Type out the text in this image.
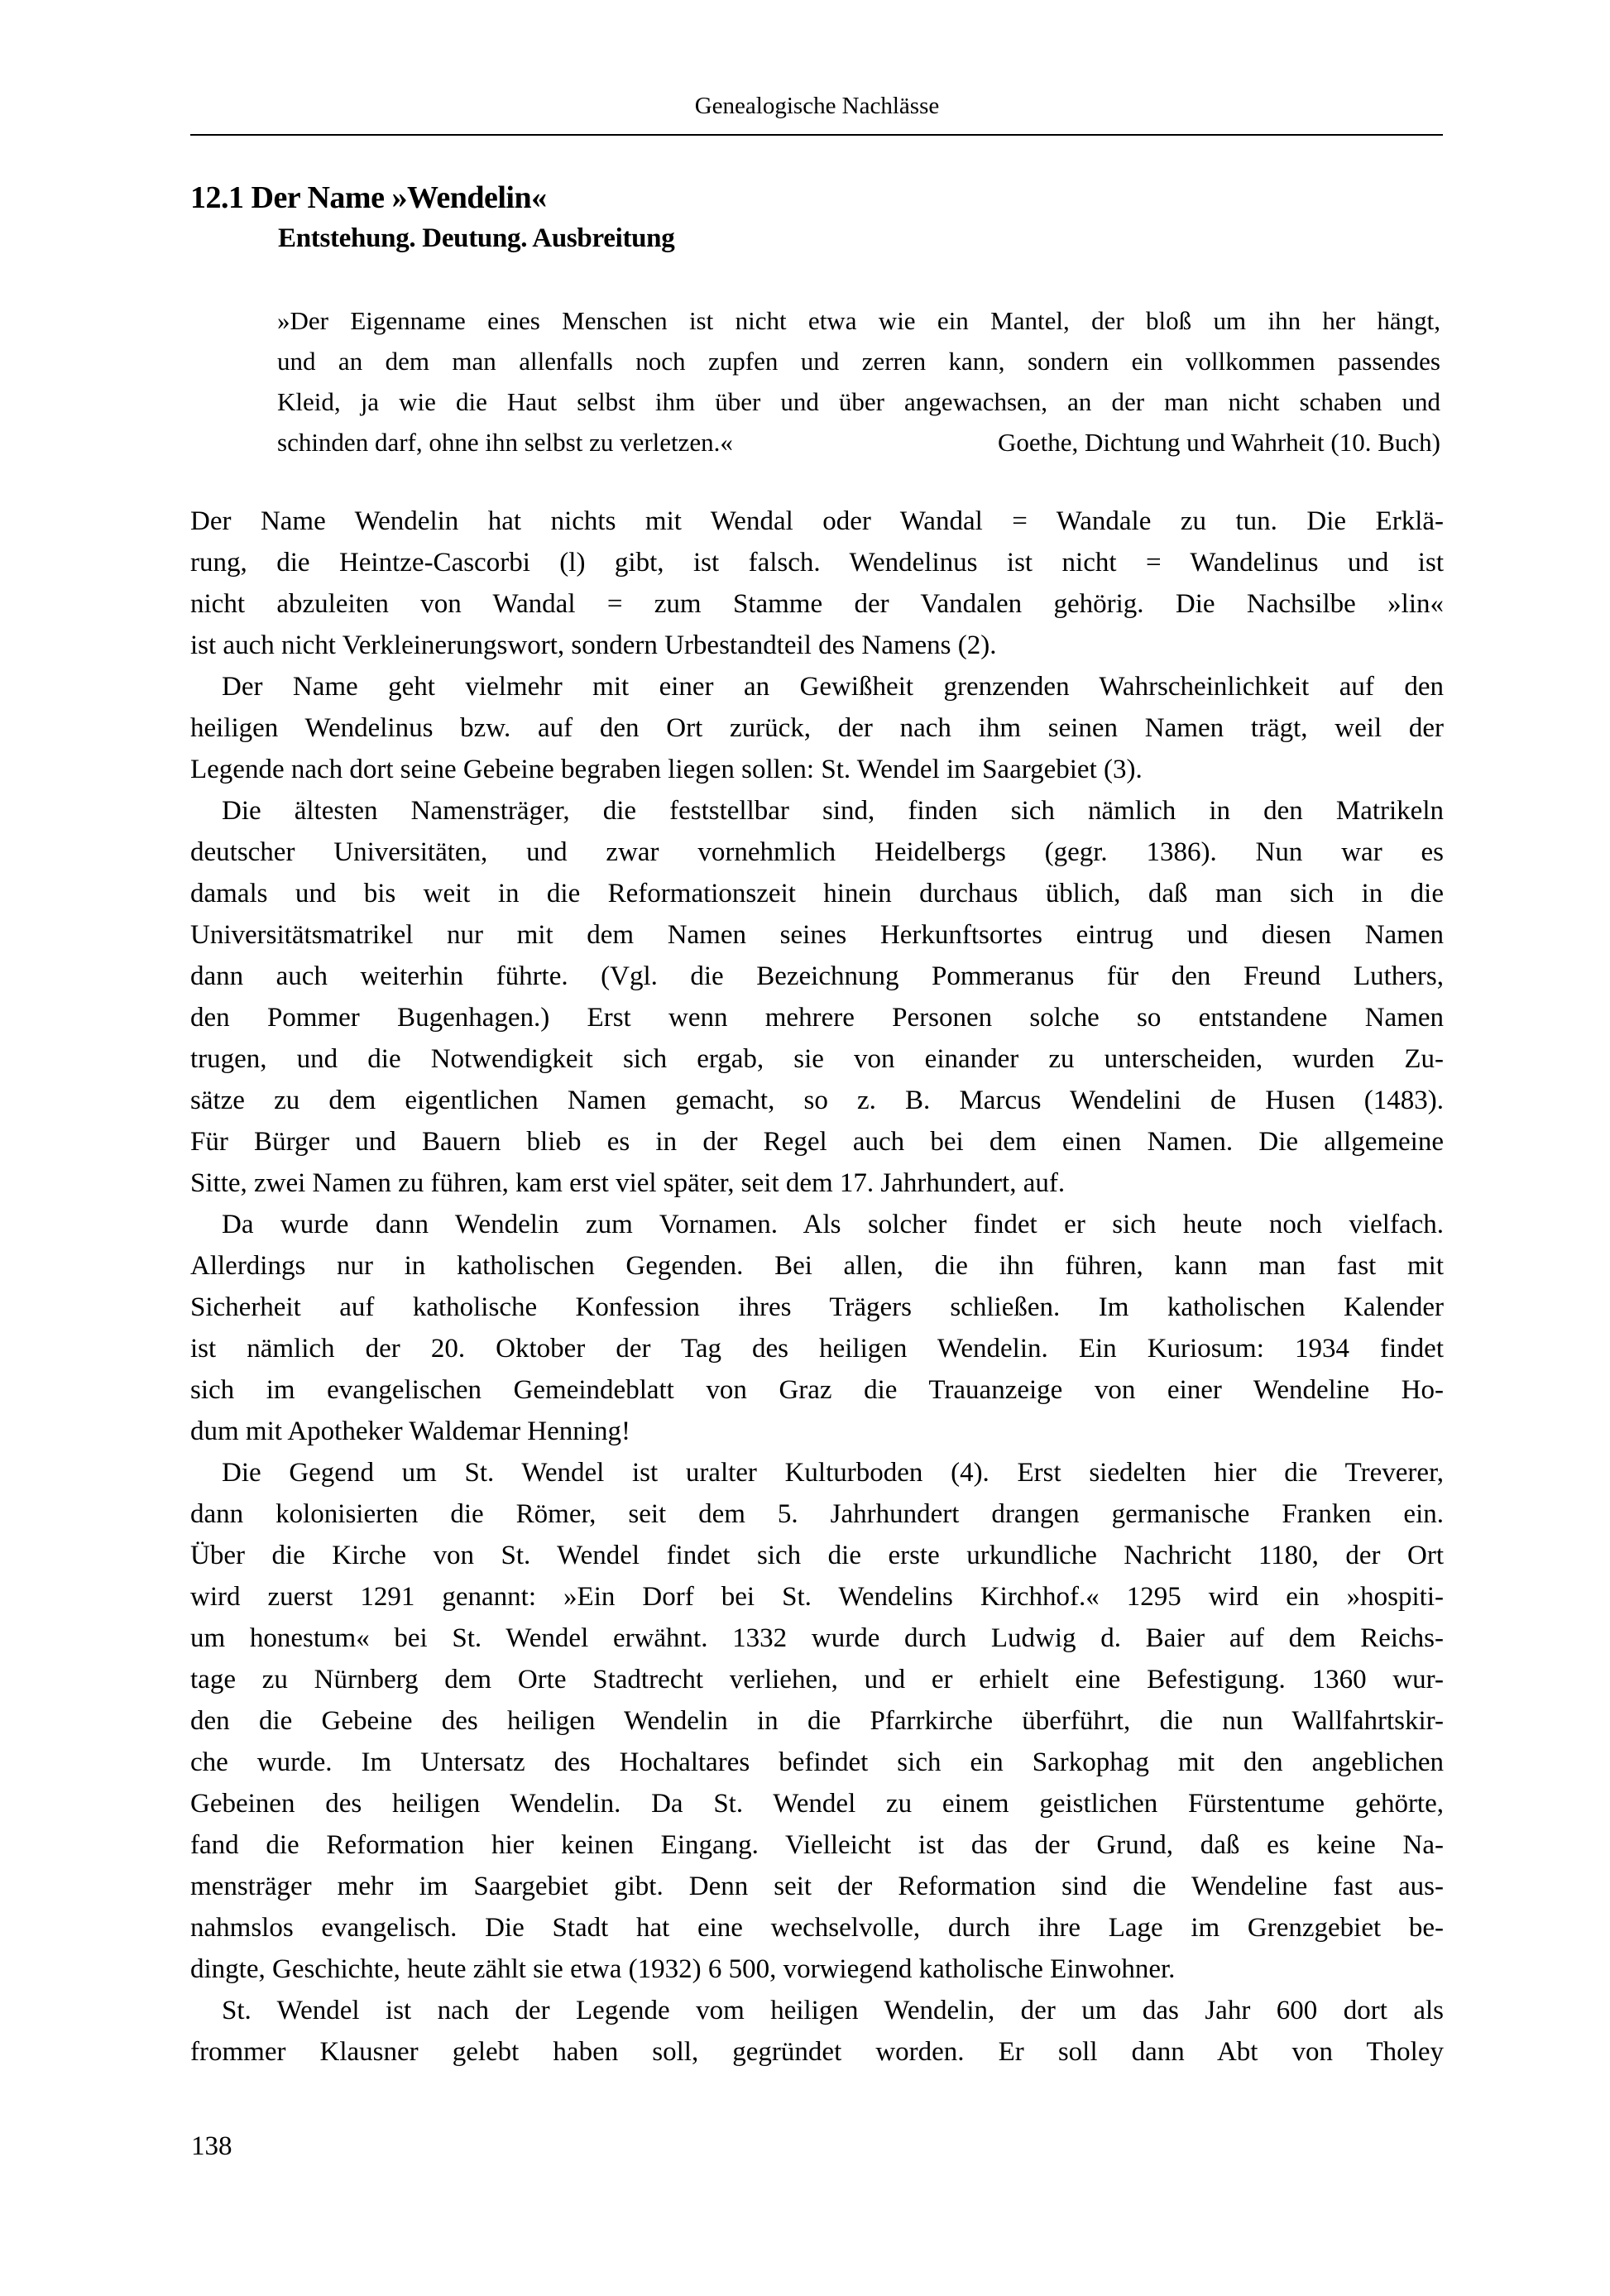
Genealogische Nachlässe
12.1 Der Name »Wendelin«
Entstehung. Deutung. Ausbreitung
»Der Eigenname eines Menschen ist nicht etwa wie ein Mantel, der bloß um ihn her hängt,
und an dem man allenfalls noch zupfen und zerren kann, sondern ein vollkommen passendes
Kleid, ja wie die Haut selbst ihm über und über angewachsen, an der man nicht schaben und
schinden darf, ohne ihn selbst zu verletzen.«	Goethe, Dichtung und Wahrheit (10. Buch)
Der Name Wendelin hat nichts mit Wendal oder Wandal = Wandale zu tun. Die Erklä-
rung, die Heintze-Cascorbi (l) gibt, ist falsch. Wendelinus ist nicht = Wandelinus und ist
nicht abzuleiten von Wandal = zum Stamme der Vandalen gehörig. Die Nachsilbe »lin«
ist auch nicht Verkleinerungswort, sondern Urbestandteil des Namens (2).
Der Name geht vielmehr mit einer an Gewißheit grenzenden Wahrscheinlichkeit auf den
heiligen Wendelinus bzw. auf den Ort zurück, der nach ihm seinen Namen trägt, weil der
Legende nach dort seine Gebeine begraben liegen sollen: St. Wendel im Saargebiet (3).
Die ältesten Namensträger, die feststellbar sind, finden sich nämlich in den Matrikeln
deutscher Universitäten, und zwar vornehmlich Heidelbergs (gegr. 1386). Nun war es
damals und bis weit in die Reformationszeit hinein durchaus üblich, daß man sich in die
Universitätsmatrikel nur mit dem Namen seines Herkunftsortes eintrug und diesen Namen
dann auch weiterhin führte. (Vgl. die Bezeichnung Pommeranus für den Freund Luthers,
den Pommer Bugenhagen.) Erst wenn mehrere Personen solche so entstandene Namen
trugen, und die Notwendigkeit sich ergab, sie von einander zu unterscheiden, wurden Zu-
sätze zu dem eigentlichen Namen gemacht, so z. B. Marcus Wendelini de Husen (1483).
Für Bürger und Bauern blieb es in der Regel auch bei dem einen Namen. Die allgemeine
Sitte, zwei Namen zu führen, kam erst viel später, seit dem 17. Jahrhundert, auf.
Da wurde dann Wendelin zum Vornamen. Als solcher findet er sich heute noch vielfach.
Allerdings nur in katholischen Gegenden. Bei allen, die ihn führen, kann man fast mit
Sicherheit auf katholische Konfession ihres Trägers schließen. Im katholischen Kalender
ist nämlich der 20. Oktober der Tag des heiligen Wendelin. Ein Kuriosum: 1934 findet
sich im evangelischen Gemeindeblatt von Graz die Trauanzeige von einer Wendeline Ho-
dum mit Apotheker Waldemar Henning!
Die Gegend um St. Wendel ist uralter Kulturboden (4). Erst siedelten hier die Treverer,
dann kolonisierten die Römer, seit dem 5. Jahrhundert drangen germanische Franken ein.
Über die Kirche von St. Wendel findet sich die erste urkundliche Nachricht 1180, der Ort
wird zuerst 1291 genannt: »Ein Dorf bei St. Wendelins Kirchhof.« 1295 wird ein »hospiti-
um honestum« bei St. Wendel erwähnt. 1332 wurde durch Ludwig d. Baier auf dem Reichs-
tage zu Nürnberg dem Orte Stadtrecht verliehen, und er erhielt eine Befestigung. 1360 wur-
den die Gebeine des heiligen Wendelin in die Pfarrkirche überführt, die nun Wallfahrtskir-
che wurde. Im Untersatz des Hochaltares befindet sich ein Sarkophag mit den angeblichen
Gebeinen des heiligen Wendelin. Da St. Wendel zu einem geistlichen Fürstentume gehörte,
fand die Reformation hier keinen Eingang. Vielleicht ist das der Grund, daß es keine Na-
mensträger mehr im Saargebiet gibt. Denn seit der Reformation sind die Wendeline fast aus-
nahmslos evangelisch. Die Stadt hat eine wechselvolle, durch ihre Lage im Grenzgebiet be-
dingte, Geschichte, heute zählt sie etwa (1932) 6 500, vorwiegend katholische Einwohner.
St. Wendel ist nach der Legende vom heiligen Wendelin, der um das Jahr 600 dort als
frommer Klausner gelebt haben soll, gegründet worden. Er soll dann Abt von Tholey
138
